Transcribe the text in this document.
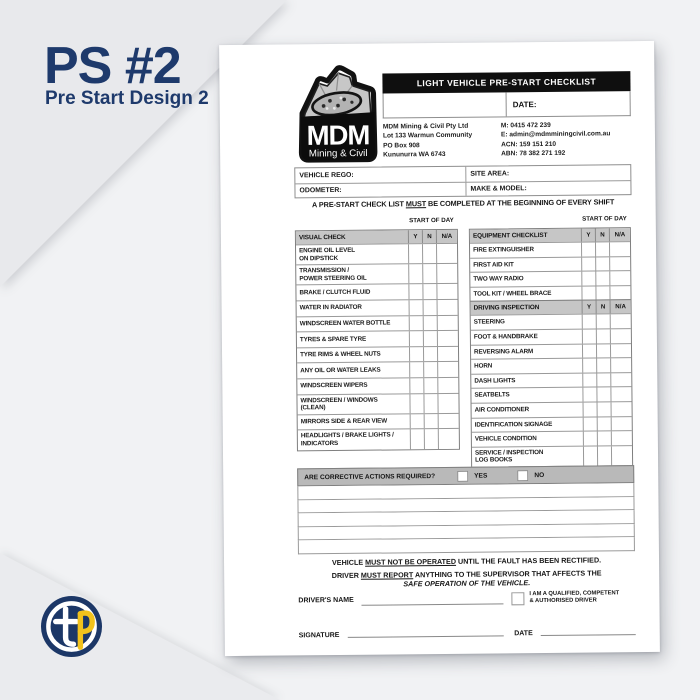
PS #2
Pre Start Design 2
MDM
Mining & Civil
LIGHT VEHICLE PRE-START CHECKLIST
DATE:
MDM Mining & Civil Pty Ltd
Lot 133 Warmun Community
PO Box 908
Kununurra WA 6743
M: 0415 472 239
E: admin@mdmminingcivil.com.au
ACN: 159 151 210
ABN: 78 382 271 192
VEHICLE REGO:	SITE AREA:
ODOMETER:	MAKE & MODEL:
A PRE-START CHECK LIST MUST BE COMPLETED AT THE BEGINNING OF EVERY SHIFT
START OF DAY	START OF DAY
VISUAL CHECK	Y	N	N/A
ENGINE OIL LEVEL
ON DIPSTICK
TRANSMISSION /
POWER STEERING OIL
BRAKE / CLUTCH FLUID
WATER IN RADIATOR
WINDSCREEN WATER BOTTLE
TYRES & SPARE TYRE
TYRE RIMS & WHEEL NUTS
ANY OIL OR WATER LEAKS
WINDSCREEN WIPERS
WINDSCREEN / WINDOWS
(CLEAN)
MIRRORS SIDE & REAR VIEW
HEADLIGHTS / BRAKE LIGHTS /
INDICATORS
EQUIPMENT CHECKLIST	Y	N	N/A
FIRE EXTINGUISHER
FIRST AID KIT
TWO WAY RADIO
TOOL KIT / WHEEL BRACE
DRIVING INSPECTION	Y	N	N/A
STEERING
FOOT & HANDBRAKE
REVERSING ALARM
HORN
DASH LIGHTS
SEATBELTS
AIR CONDITIONER
IDENTIFICATION SIGNAGE
VEHICLE CONDITION
SERVICE / INSPECTION
LOG BOOKS
ARE CORRECTIVE ACTIONS REQUIRED?	YES	NO
VEHICLE MUST NOT BE OPERATED UNTIL THE FAULT HAS BEEN RECTIFIED.
DRIVER MUST REPORT ANYTHING TO THE SUPERVISOR THAT AFFECTS THE
SAFE OPERATION OF THE VEHICLE.
DRIVER'S NAME
I AM A QUALIFIED, COMPETENT
& AUTHORISED DRIVER
SIGNATURE	DATE
